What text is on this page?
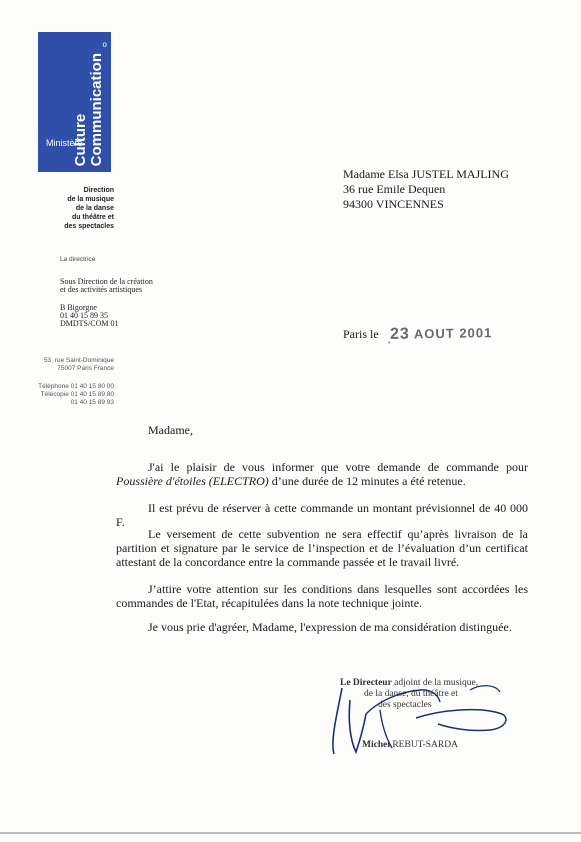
Culture Communication
o
Ministère
Direction
de la musique
de la danse
du théâtre et
des spectacles
La directrice
Sous Direction de la création
et des activités artistiques
B Bigorgne
01 40 15 89 35
DMDTS/COM 01
53, rue Saint-Dominique
75007 Paris France
Téléphone 01 40 15 80 00
Télécopie 01 40 15 89 80
01 40 15 89 93
Madame Elsa JUSTEL MAJLING
36 rue Emile Dequen
94300 VINCENNES
Paris le 23 AOUT 2001
•
Madame,
J'ai le plaisir de vous informer que votre demande de commande pour Poussière d'étoiles (ELECTRO) d’une durée de 12 minutes a été retenue.
Il est prévu de réserver à cette commande un montant prévisionnel de 40 000 F.
Le versement de cette subvention ne sera effectif qu’après livraison de la partition et signature par le service de l’inspection et de l’évaluation d’un certificat attestant de la concordance entre la commande passée et le travail livré.
J’attire votre attention sur les conditions dans lesquelles sont accordées les commandes de l'Etat, récapitulées dans la note technique jointe.
Je vous prie d'agréer, Madame, l'expression de ma considération distinguée.
Le Directeur adjoint de la musique,
de la danse, du théâtre et
des spectacles
Michel REBUT-SARDA
